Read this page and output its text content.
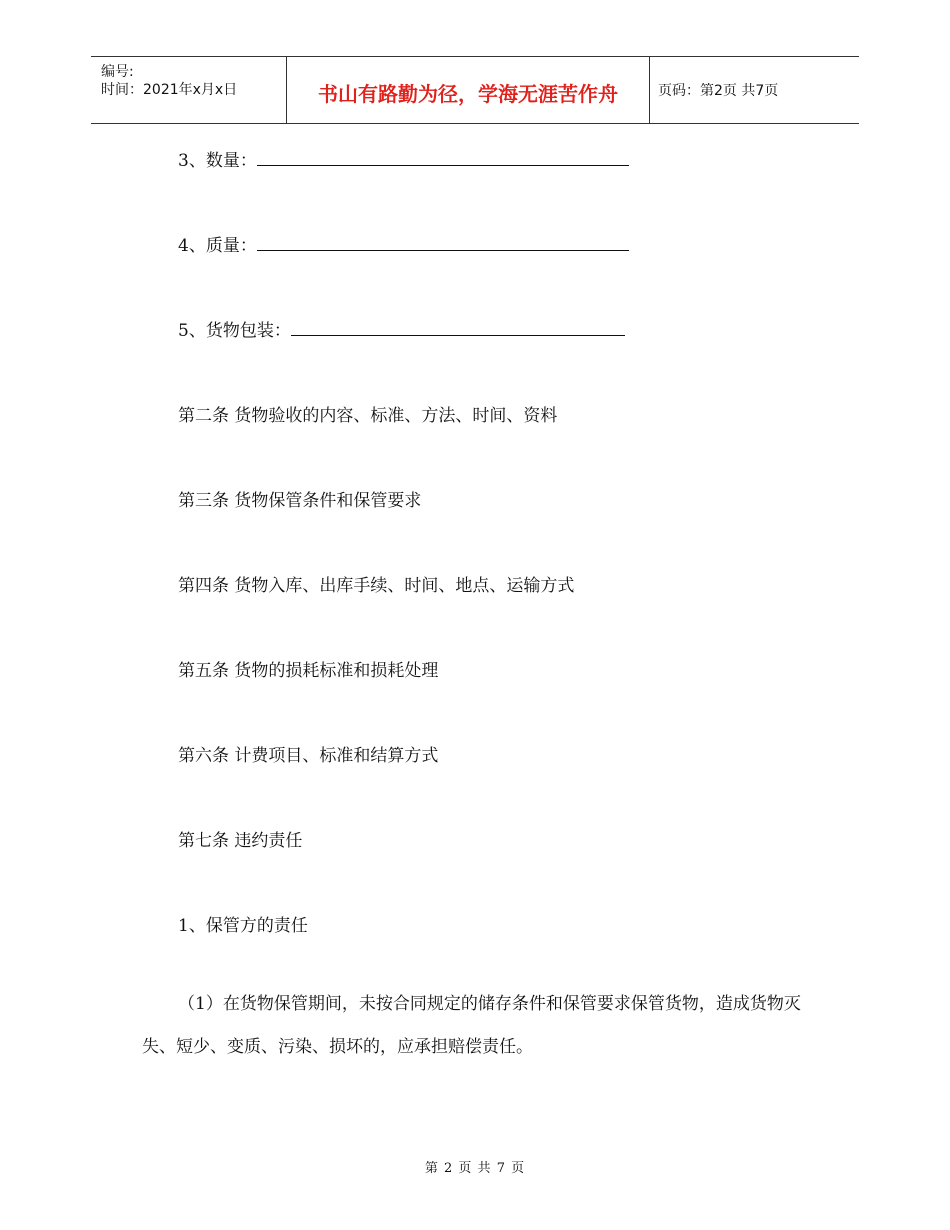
编号:
时间：2021年x月x日	书山有路勤为径，学海无涯苦作舟	页码：第2页 共7页
3、数量：
4、质量：
5、货物包装：
第二条 货物验收的内容、标准、方法、时间、资料
第三条 货物保管条件和保管要求
第四条 货物入库、出库手续、时间、地点、运输方式
第五条 货物的损耗标准和损耗处理
第六条 计费项目、标准和结算方式
第七条 违约责任
1、保管方的责任
（1）在货物保管期间，未按合同规定的储存条件和保管要求保管货物，造成货物灭失、短少、变质、污染、损坏的，应承担赔偿责任。
第 2 页 共 7 页
